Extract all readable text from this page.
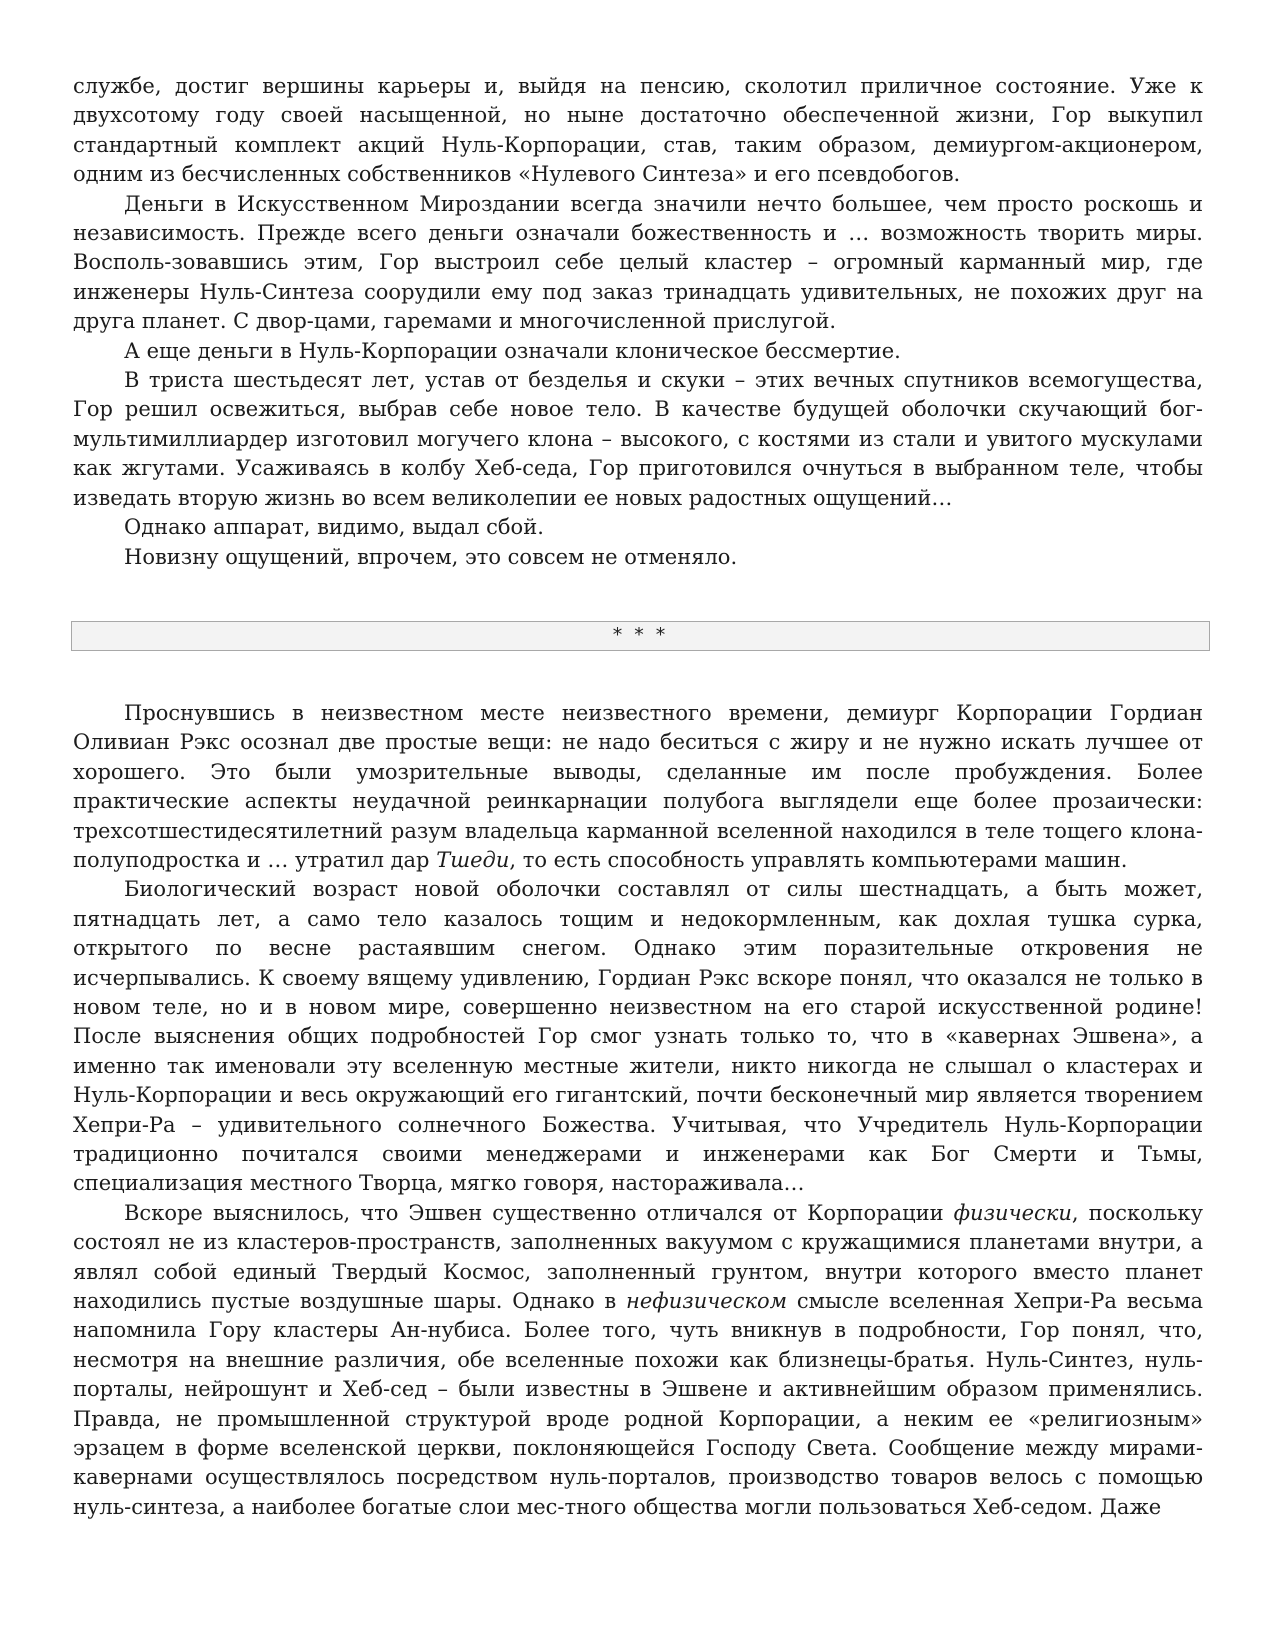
службе, достиг вершины карьеры и, выйдя на пенсию, сколотил приличное состояние. Уже к двухсотому году своей насыщенной, но ныне достаточно обеспеченной жизни, Гор выкупил стандартный комплект акций Нуль-Корпорации, став, таким образом, демиургом-акционером, одним из бесчисленных собственников «Нулевого Синтеза» и его псевдобогов.

Деньги в Искусственном Мироздании всегда значили нечто большее, чем просто роскошь и независимость. Прежде всего деньги означали божественность и … возможность творить миры. Восполь-зовавшись этим, Гор выстроил себе целый кластер – огромный карманный мир, где инженеры Нуль-Синтеза соорудили ему под заказ тринадцать удивительных, не похожих друг на друга планет. С двор-цами, гаремами и многочисленной прислугой.

А еще деньги в Нуль-Корпорации означали клоническое бессмертие.

В триста шестьдесят лет, устав от безделья и скуки – этих вечных спутников всемогущества, Гор решил освежиться, выбрав себе новое тело. В качестве будущей оболочки скучающий бог-мультимиллиардер изготовил могучего клона – высокого, с костями из стали и увитого мускулами как жгутами. Усаживаясь в колбу Хеб-седа, Гор приготовился очнуться в выбранном теле, чтобы изведать вторую жизнь во всем великолепии ее новых радостных ощущений…

Однако аппарат, видимо, выдал сбой.

Новизну ощущений, впрочем, это совсем не отменяло.

* * *

Проснувшись в неизвестном месте неизвестного времени, демиург Корпорации Гордиан Оливиан Рэкс осознал две простые вещи: не надо беситься с жиру и не нужно искать лучшее от хорошего. Это были умозрительные выводы, сделанные им после пробуждения. Более практические аспекты неудачной реинкарнации полубога выглядели еще более прозаически: трехсотшестидесятилетний разум владельца карманной вселенной находился в теле тощего клона-полуподростка и … утратил дар Тшеди, то есть способность управлять компьютерами машин.

Биологический возраст новой оболочки составлял от силы шестнадцать, а быть может, пятнадцать лет, а само тело казалось тощим и недокормленным, как дохлая тушка сурка, открытого по весне растаявшим снегом. Однако этим поразительные откровения не исчерпывались. К своему вящему удивлению, Гордиан Рэкс вскоре понял, что оказался не только в новом теле, но и в новом мире, совершенно неизвестном на его старой искусственной родине! После выяснения общих подробностей Гор смог узнать только то, что в «кавернах Эшвена», а именно так именовали эту вселенную местные жители, никто никогда не слышал о кластерах и Нуль-Корпорации и весь окружающий его гигантский, почти бесконечный мир является творением Хепри-Ра – удивительного солнечного Божества. Учитывая, что Учредитель Нуль-Корпорации традиционно почитался своими менеджерами и инженерами как Бог Смерти и Тьмы, специализация местного Творца, мягко говоря, настораживала…

Вскоре выяснилось, что Эшвен существенно отличался от Корпорации физически, поскольку состоял не из кластеров-пространств, заполненных вакуумом с кружащимися планетами внутри, а являл собой единый Твердый Космос, заполненный грунтом, внутри которого вместо планет находились пустые воздушные шары. Однако в нефизическом смысле вселенная Хепри-Ра весьма напомнила Гору кластеры Ан-нубиса. Более того, чуть вникнув в подробности, Гор понял, что, несмотря на внешние различия, обе вселенные похожи как близнецы-братья. Нуль-Синтез, нуль-порталы, нейрошунт и Хеб-сед – были известны в Эшвене и активнейшим образом применялись. Правда, не промышленной структурой вроде родной Корпорации, а неким ее «религиозным» эрзацем в форме вселенской церкви, поклоняющейся Господу Света. Сообщение между мирами-кавернами осуществлялось посредством нуль-порталов, производство товаров велось с помощью нуль-синтеза, а наиболее богатые слои мес-тного общества могли пользоваться Хеб-седом. Даже
